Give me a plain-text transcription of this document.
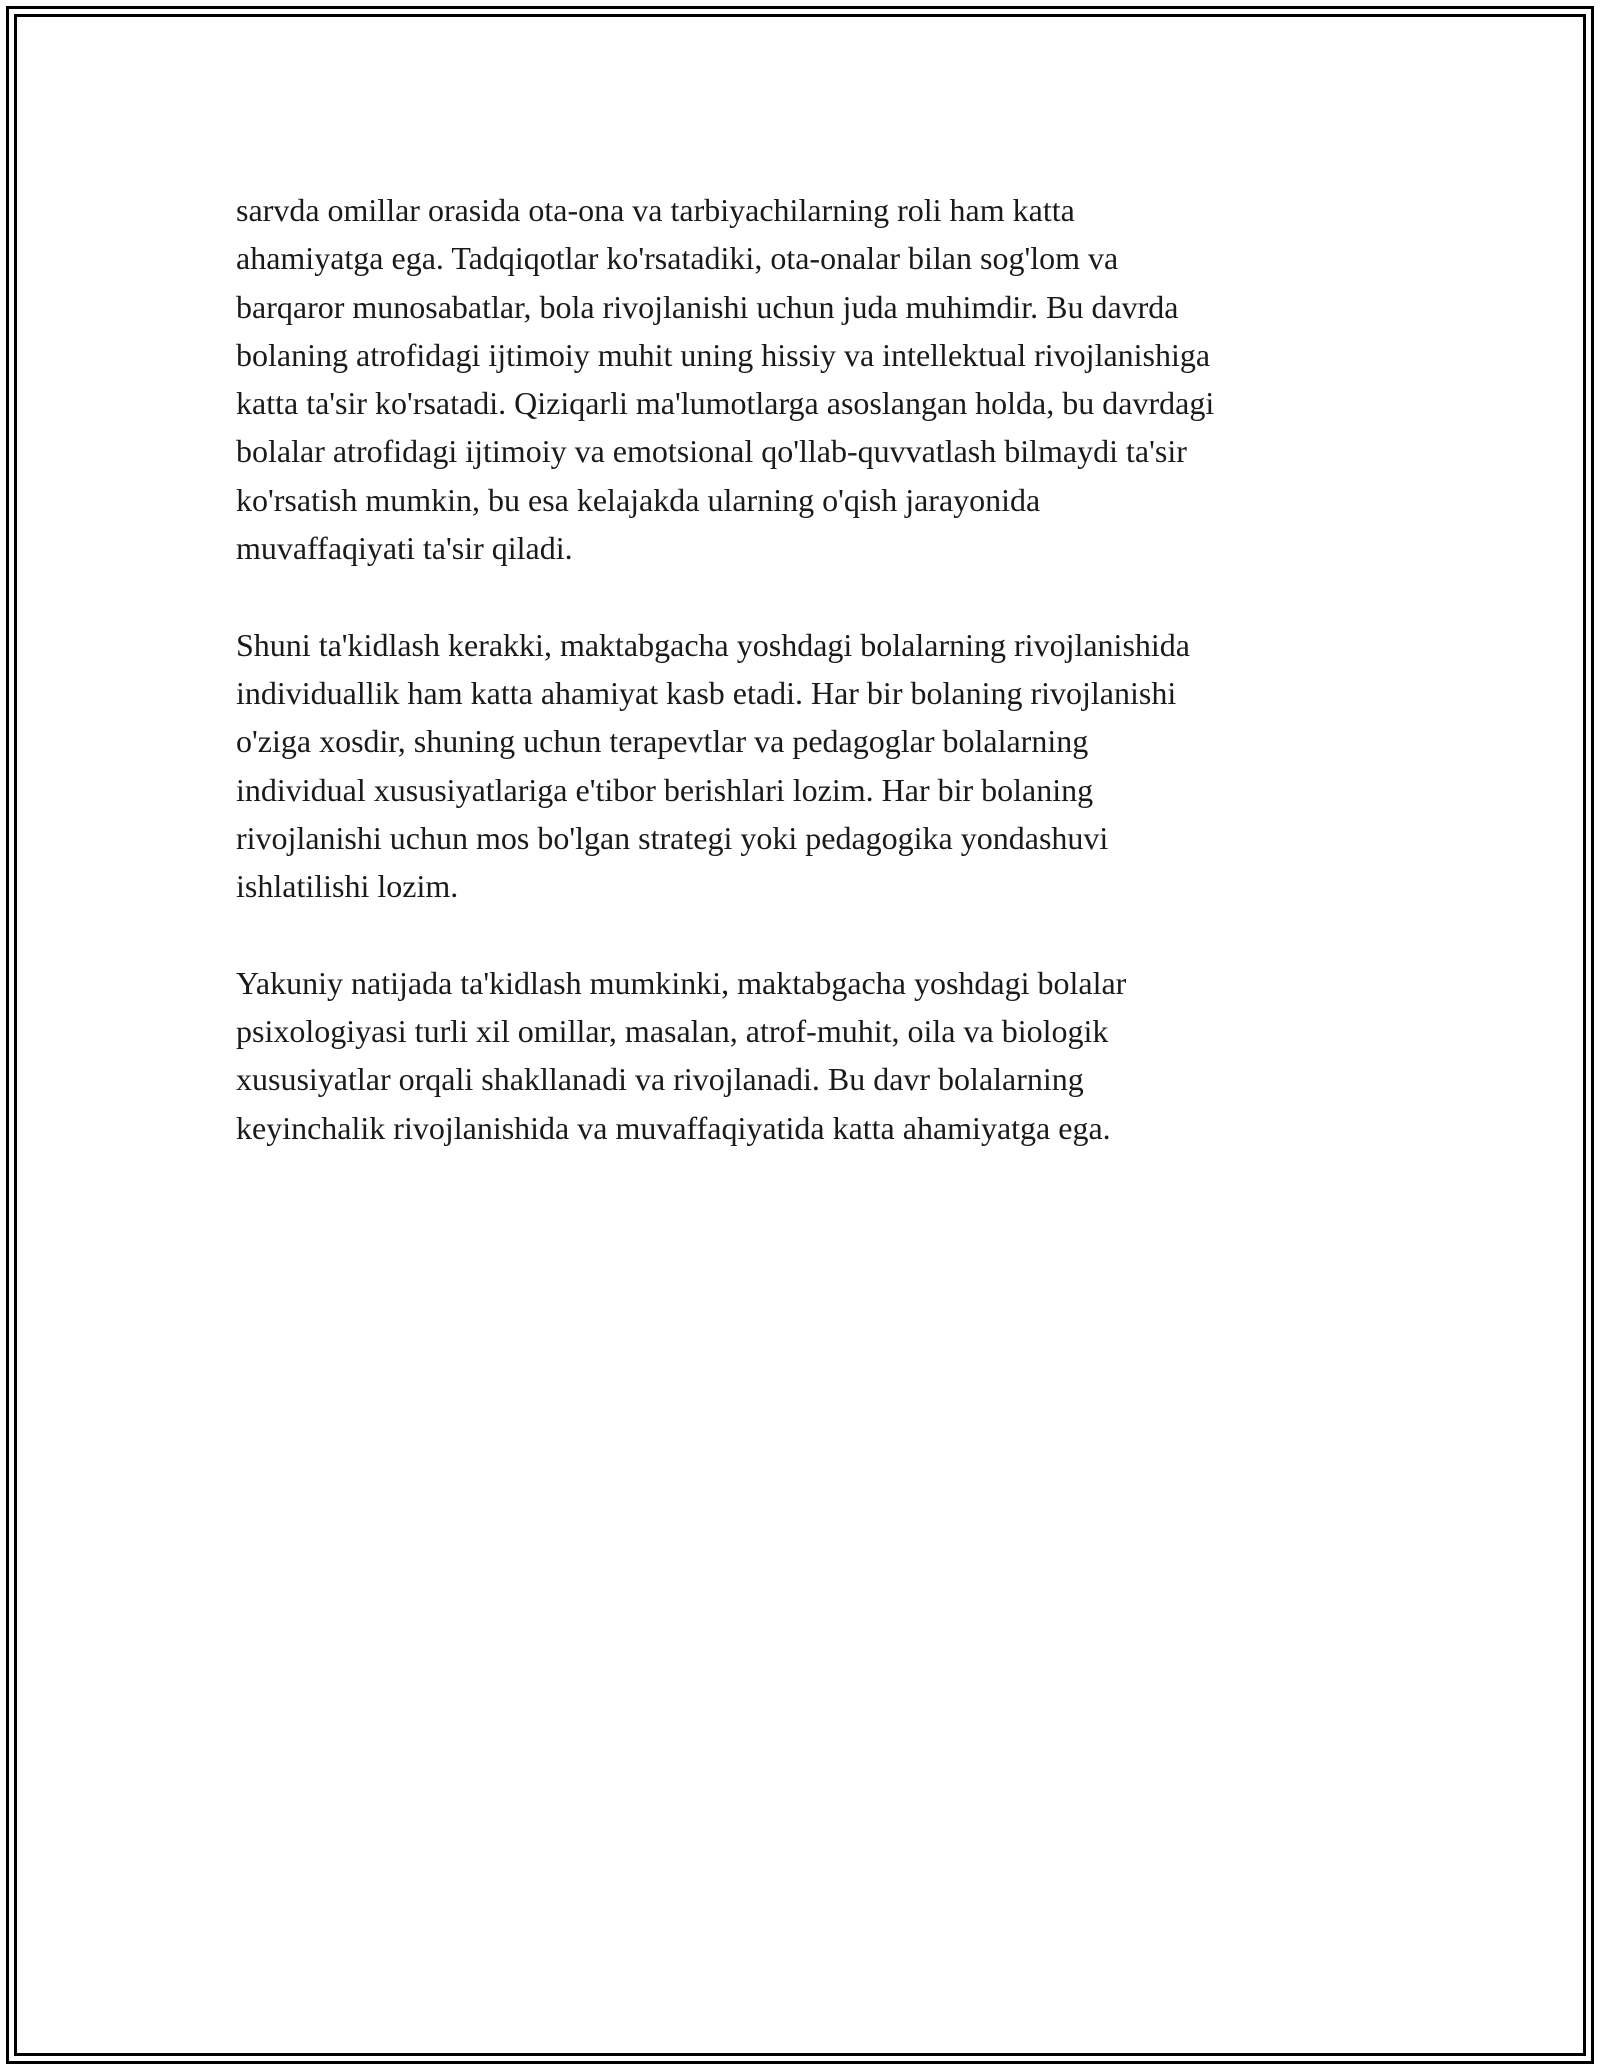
sarvda omillar orasida ota-ona va tarbiyachilarning roli ham katta
ahamiyatga ega. Tadqiqotlar ko'rsatadiki, ota-onalar bilan sog'lom va
barqaror munosabatlar, bola rivojlanishi uchun juda muhimdir. Bu davrda
bolaning atrofidagi ijtimoiy muhit uning hissiy va intellektual rivojlanishiga
katta ta'sir ko'rsatadi. Qiziqarli ma'lumotlarga asoslangan holda, bu davrdagi
bolalar atrofidagi ijtimoiy va emotsional qo'llab-quvvatlash bilmaydi ta'sir
ko'rsatish mumkin, bu esa kelajakda ularning o'qish jarayonida
muvaffaqiyati ta'sir qiladi.

Shuni ta'kidlash kerakki, maktabgacha yoshdagi bolalarning rivojlanishida
individuallik ham katta ahamiyat kasb etadi. Har bir bolaning rivojlanishi
o'ziga xosdir, shuning uchun terapevtlar va pedagoglar bolalarning
individual xususiyatlariga e'tibor berishlari lozim. Har bir bolaning
rivojlanishi uchun mos bo'lgan strategi yoki pedagogika yondashuvi
ishlatilishi lozim.

Yakuniy natijada ta'kidlash mumkinki, maktabgacha yoshdagi bolalar
psixologiyasi turli xil omillar, masalan, atrof-muhit, oila va biologik
xususiyatlar orqali shakllanadi va rivojlanadi. Bu davr bolalarning
keyinchalik rivojlanishida va muvaffaqiyatida katta ahamiyatga ega.
